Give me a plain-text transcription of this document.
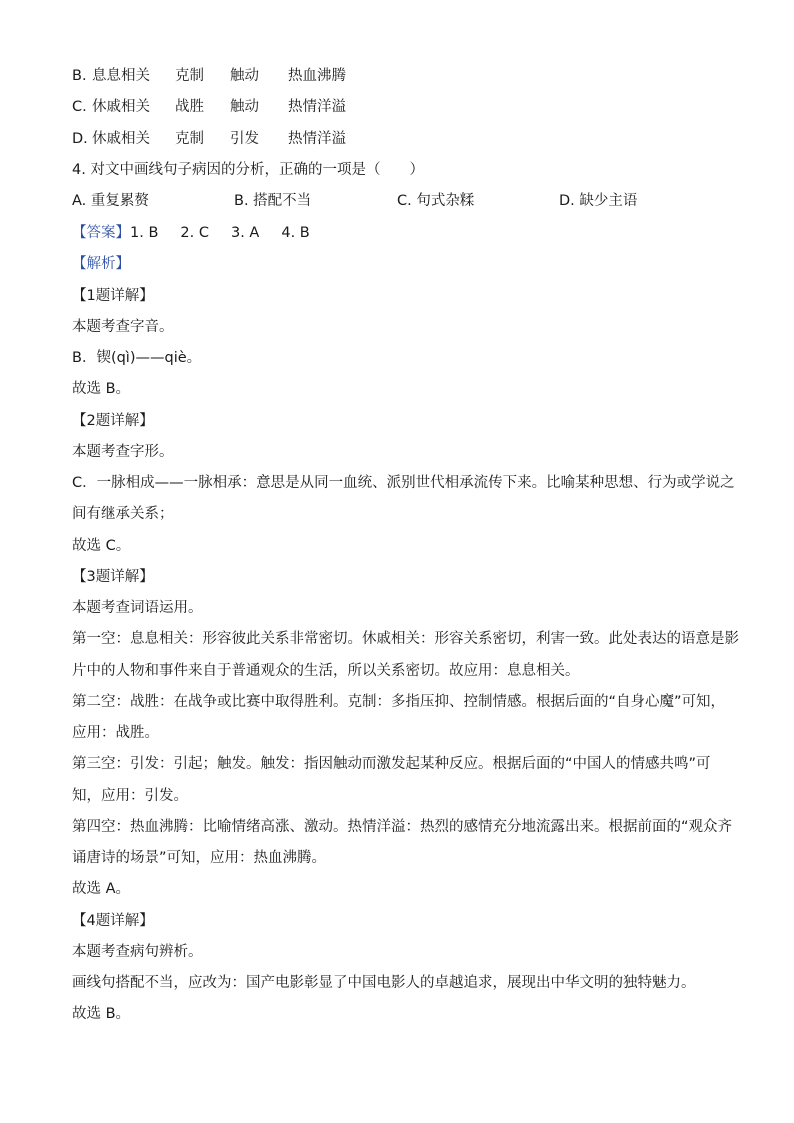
B. 息息相关 克制 触动 热血沸腾
C. 休戚相关 战胜 触动 热情洋溢
D. 休戚相关 克制 引发 热情洋溢
4. 对文中画线句子病因的分析，正确的一项是（　　）
A. 重复累赘	B. 搭配不当	C. 句式杂糅	D. 缺少主语
【答案】1. B 2. C 3. A 4. B
【解析】
【1题详解】
本题考查字音。
B．锲(qì)——qiè。
故选 B。
【2题详解】
本题考查字形。
C．一脉相成——一脉相承：意思是从同一血统、派别世代相承流传下来。比喻某种思想、行为或学说之
间有继承关系；
故选 C。
【3题详解】
本题考查词语运用。
第一空：息息相关：形容彼此关系非常密切。休戚相关：形容关系密切，利害一致。此处表达的语意是影
片中的人物和事件来自于普通观众的生活，所以关系密切。故应用：息息相关。
第二空：战胜：在战争或比赛中取得胜利。克制：多指压抑、控制情感。根据后面的“自身心魔”可知，
应用：战胜。
第三空：引发：引起；触发。触发：指因触动而激发起某种反应。根据后面的“中国人的情感共鸣”可
知，应用：引发。
第四空：热血沸腾：比喻情绪高涨、激动。热情洋溢：热烈的感情充分地流露出来。根据前面的“观众齐
诵唐诗的场景”可知，应用：热血沸腾。
故选 A。
【4题详解】
本题考查病句辨析。
画线句搭配不当，应改为：国产电影彰显了中国电影人的卓越追求，展现出中华文明的独特魅力。
故选 B。
